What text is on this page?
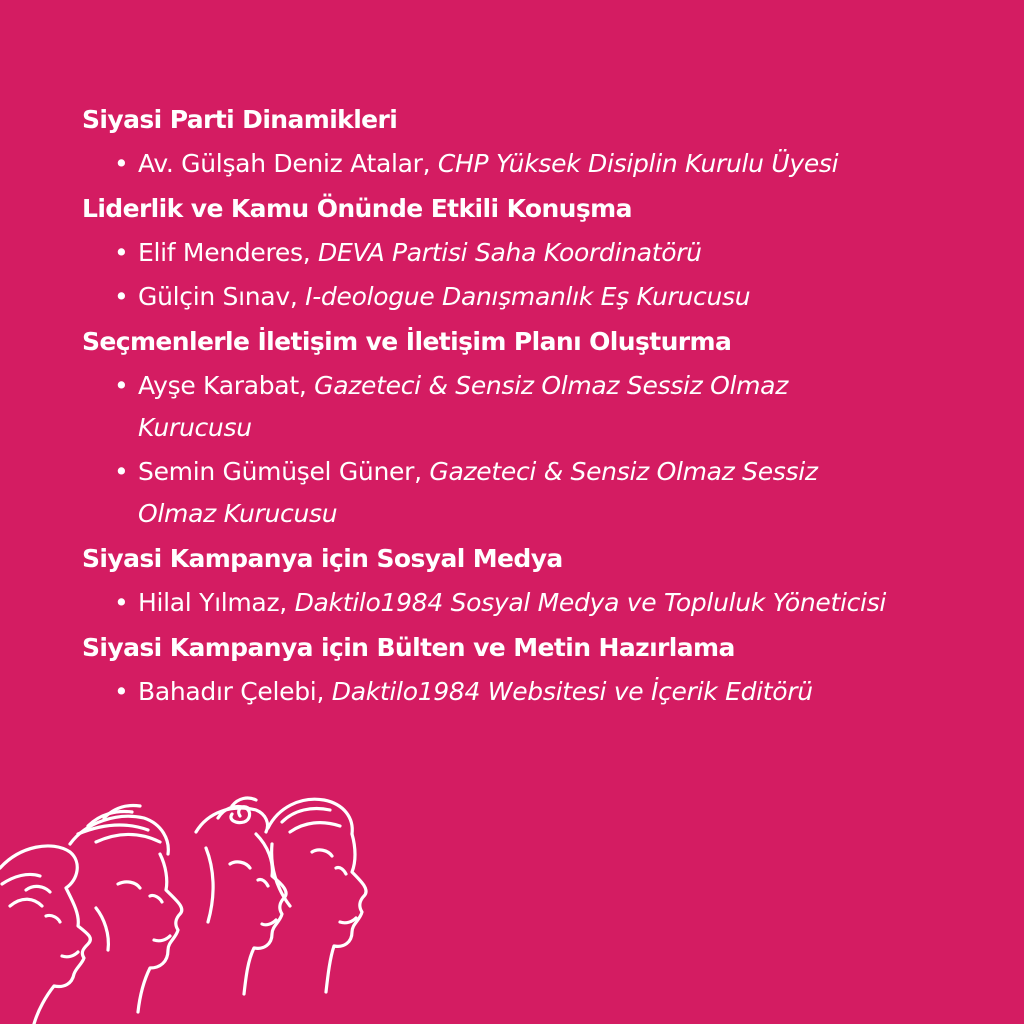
Siyasi Parti Dinamikleri
• Av. Gülşah Deniz Atalar, CHP Yüksek Disiplin Kurulu Üyesi
Liderlik ve Kamu Önünde Etkili Konuşma
• Elif Menderes, DEVA Partisi Saha Koordinatörü
• Gülçin Sınav, I-deologue Danışmanlık Eş Kurucusu
Seçmenlerle İletişim ve İletişim Planı Oluşturma
• Ayşe Karabat, Gazeteci & Sensiz Olmaz Sessiz Olmaz Kurucusu
• Semin Gümüşel Güner, Gazeteci & Sensiz Olmaz Sessiz Olmaz Kurucusu
Siyasi Kampanya için Sosyal Medya
• Hilal Yılmaz, Daktilo1984 Sosyal Medya ve Topluluk Yöneticisi
Siyasi Kampanya için Bülten ve Metin Hazırlama
• Bahadır Çelebi, Daktilo1984 Websitesi ve İçerik Editörü
